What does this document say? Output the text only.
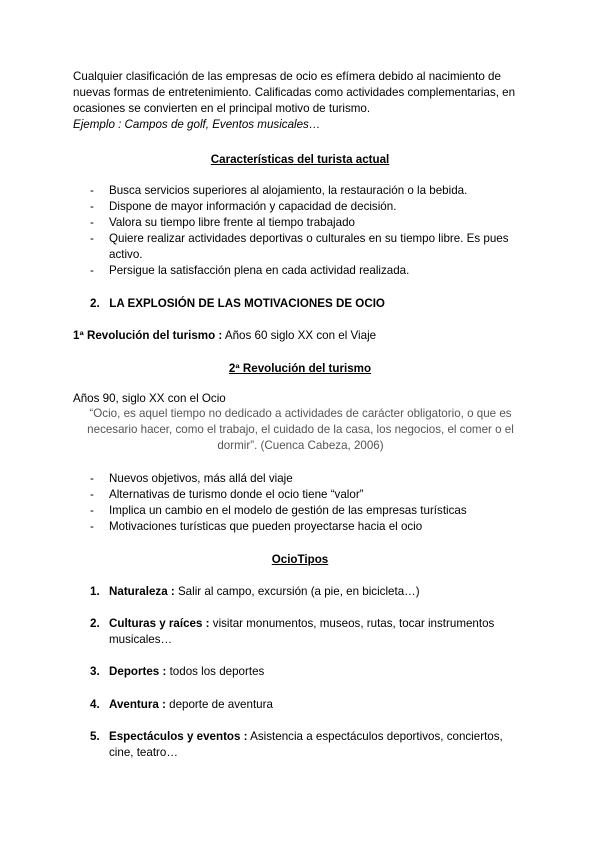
Cualquier clasificación de las empresas de ocio es efímera debido al nacimiento de nuevas formas de entretenimiento. Calificadas como actividades complementarias, en ocasiones se convierten en el principal motivo de turismo.

Ejemplo : Campos de golf, Eventos musicales…

Características del turista actual
- Busca servicios superiores al alojamiento, la restauración o la bebida.
- Dispone de mayor información y capacidad de decisión.
- Valora su tiempo libre frente al tiempo trabajado
- Quiere realizar actividades deportivas o culturales en su tiempo libre. Es pues activo.
- Persigue la satisfacción plena en cada actividad realizada.
2. LA EXPLOSIÓN DE LAS MOTIVACIONES DE OCIO
1ª Revolución del turismo : Años 60 siglo XX con el Viaje
2ª Revolución del turismo
Años 90, siglo XX con el Ocio
“Ocio, es aquel tiempo no dedicado a actividades de carácter obligatorio, o que es necesario hacer, como el trabajo, el cuidado de la casa, los negocios, el comer o el dormir”. (Cuenca Cabeza, 2006)
- Nuevos objetivos, más allá del viaje
- Alternativas de turismo donde el ocio tiene “valor”
- Implica un cambio en el modelo de gestión de las empresas turísticas
- Motivaciones turísticas que pueden proyectarse hacia el ocio
OcioTipos
1. Naturaleza : Salir al campo, excursión (a pie, en bicicleta…)
2. Culturas y raíces : visitar monumentos, museos, rutas, tocar instrumentos musicales…
3. Deportes : todos los deportes
4. Aventura : deporte de aventura
5. Espectáculos y eventos : Asistencia a espectáculos deportivos, conciertos, cine, teatro…
